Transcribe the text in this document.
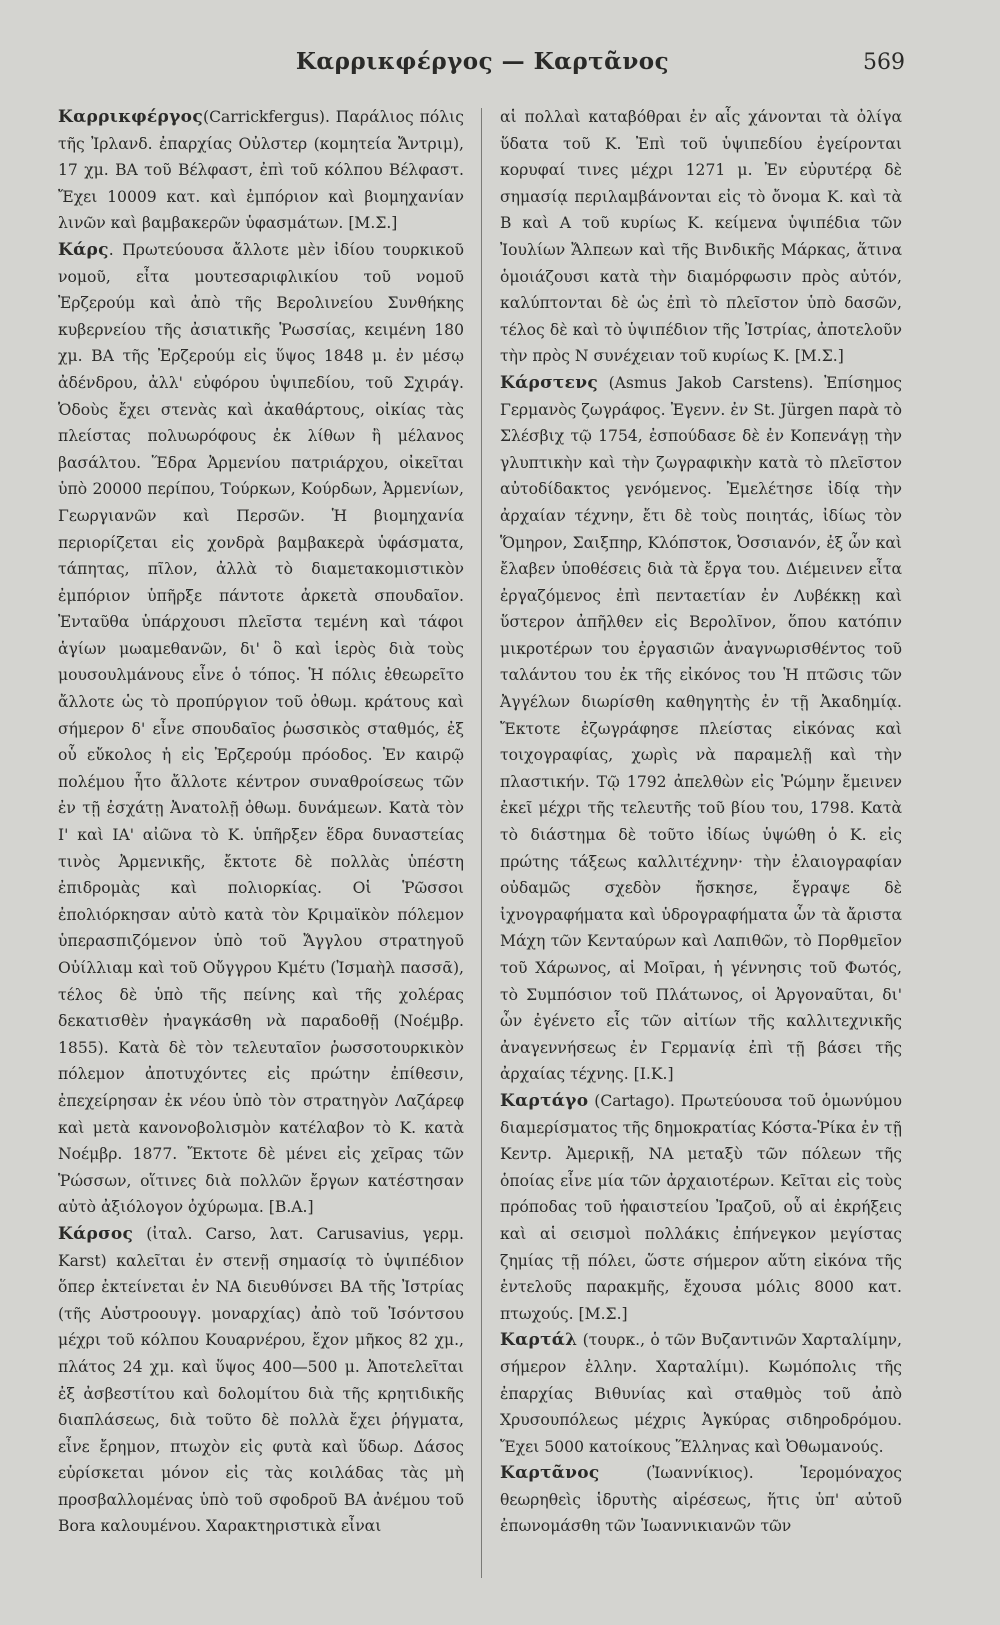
Καρρικφέργος — Καρτᾶνος	569

Καρρικφέργος(Carrickfergus). Παράλιος πόλις τῆς Ἰρλανδ. ἐπαρχίας Οὐλστερ (κομητεία Ἄντριμ), 17 χμ. ΒΑ τοῦ Βέλφαστ, ἐπὶ τοῦ κόλπου Βέλφαστ. Ἔχει 10009 κατ. καὶ ἐμπόριον καὶ βιομηχανίαν λινῶν καὶ βαμβακερῶν ὑφασμάτων. [Μ.Σ.]

Κάρς. Πρωτεύουσα ἄλλοτε μὲν ἰδίου τουρκικοῦ νομοῦ, εἶτα μουτεσαριφλικίου τοῦ νομοῦ Ἐρζερούμ καὶ ἀπὸ τῆς Βερολινείου Συνθήκης κυβερνείου τῆς ἀσιατικῆς Ῥωσσίας, κειμένη 180 χμ. ΒΑ τῆς Ἐρζερούμ εἰς ὕψος 1848 μ. ἐν μέσῳ ἀδένδρου, ἀλλ' εὐφόρου ὑψιπεδίου, τοῦ Σχιράγ. Ὁδοὺς ἔχει στενὰς καὶ ἀκαθάρτους, οἰκίας τὰς πλείστας πολυωρόφους ἐκ λίθων ἢ μέλανος βασάλτου. Ἕδρα Ἀρμενίου πατριάρχου, οἰκεῖται ὑπὸ 20000 περίπου, Τούρκων, Κούρδων, Ἀρμενίων, Γεωργιανῶν καὶ Περσῶν. Ἡ βιομηχανία περιορίζεται εἰς χονδρὰ βαμβακερὰ ὑφάσματα, τάπητας, πῖλον, ἀλλὰ τὸ διαμετακομιστικὸν ἐμπόριον ὑπῆρξε πάντοτε ἀρκετὰ σπουδαῖον. Ἐνταῦθα ὑπάρχουσι πλεῖστα τεμένη καὶ τάφοι ἁγίων μωαμεθανῶν, δι' ὃ καὶ ἱερὸς διὰ τοὺς μουσουλμάνους εἶνε ὁ τόπος. Ἡ πόλις ἐθεωρεῖτο ἄλλοτε ὡς τὸ προπύργιον τοῦ ὀθωμ. κράτους καὶ σήμερον δ' εἶνε σπουδαῖος ῥωσσικὸς σταθμός, ἐξ οὗ εὔκολος ἡ εἰς Ἐρζερούμ πρόοδος. Ἐν καιρῷ πολέμου ἦτο ἄλλοτε κέντρον συναθροίσεως τῶν ἐν τῇ ἐσχάτῃ Ἀνατολῇ ὀθωμ. δυνάμεων. Κατὰ τὸν Ι' καὶ ΙΑ' αἰῶνα τὸ Κ. ὑπῆρξεν ἕδρα δυναστείας τινὸς Ἀρμενικῆς, ἔκτοτε δὲ πολλὰς ὑπέστη ἐπιδρομὰς καὶ πολιορκίας. Οἱ Ῥῶσσοι ἐπολιόρκησαν αὐτὸ κατὰ τὸν Κριμαϊκὸν πόλεμον ὑπερασπιζόμενον ὑπὸ τοῦ Ἄγγλου στρατηγοῦ Οὐίλλιαμ καὶ τοῦ Οὔγγρου Κμέτυ (Ἰσμαὴλ πασσᾶ), τέλος δὲ ὑπὸ τῆς πείνης καὶ τῆς χολέρας δεκατισθὲν ἠναγκάσθη νὰ παραδοθῇ (Νοέμβρ. 1855). Κατὰ δὲ τὸν τελευταῖον ῥωσσοτουρκικὸν πόλεμον ἀποτυχόντες εἰς πρώτην ἐπίθεσιν, ἐπεχείρησαν ἐκ νέου ὑπὸ τὸν στρατηγὸν Λαζάρεφ καὶ μετὰ κανονοβολισμὸν κατέλαβον τὸ Κ. κατὰ Νοέμβρ. 1877. Ἔκτοτε δὲ μένει εἰς χεῖρας τῶν Ῥώσσων, οἵτινες διὰ πολλῶν ἔργων κατέστησαν αὐτὸ ἀξιόλογον ὀχύρωμα. [Β.Α.]

Κάρσος (ἰταλ. Carso, λατ. Carusavius, γερμ. Karst) καλεῖται ἐν στενῇ σημασίᾳ τὸ ὑψιπέδιον ὅπερ ἐκτείνεται ἐν ΝΑ διευθύνσει ΒΑ τῆς Ἰστρίας (τῆς Αὐστροουγγ. μοναρχίας) ἀπὸ τοῦ Ἰσόντσου μέχρι τοῦ κόλπου Κουαρνέρου, ἔχον μῆκος 82 χμ., πλάτος 24 χμ. καὶ ὕψος 400—500 μ. Ἀποτελεῖται ἐξ ἀσβεστίτου καὶ δολομίτου διὰ τῆς κρητιδικῆς διαπλάσεως, διὰ τοῦτο δὲ πολλὰ ἔχει ῥήγματα, εἶνε ἔρημον, πτωχὸν εἰς φυτὰ καὶ ὕδωρ. Δάσος εὑρίσκεται μόνον εἰς τὰς κοιλάδας τὰς μὴ προσβαλλομένας ὑπὸ τοῦ σφοδροῦ ΒΑ ἀνέμου τοῦ Bora καλουμένου. Χαρακτηριστικὰ εἶναι

αἱ πολλαὶ καταβόθραι ἐν αἷς χάνονται τὰ ὀλίγα ὕδατα τοῦ Κ. Ἐπὶ τοῦ ὑψιπεδίου ἐγείρονται κορυφαί τινες μέχρι 1271 μ. Ἐν εὐρυτέρᾳ δὲ σημασίᾳ περιλαμβάνονται εἰς τὸ ὄνομα Κ. καὶ τὰ Β καὶ Α τοῦ κυρίως Κ. κείμενα ὑψιπέδια τῶν Ἰουλίων Ἄλπεων καὶ τῆς Βινδικῆς Μάρκας, ἅτινα ὁμοιάζουσι κατὰ τὴν διαμόρφωσιν πρὸς αὐτόν, καλύπτονται δὲ ὡς ἐπὶ τὸ πλεῖστον ὑπὸ δασῶν, τέλος δὲ καὶ τὸ ὑψιπέδιον τῆς Ἰστρίας, ἀποτελοῦν τὴν πρὸς Ν συνέχειαν τοῦ κυρίως Κ. [Μ.Σ.]

Κάρστενς (Asmus Jakob Carstens). Ἐπίσημος Γερμανὸς ζωγράφος. Ἐγενν. ἐν St. Jürgen παρὰ τὸ Σλέσβιχ τῷ 1754, ἐσπούδασε δὲ ἐν Κοπενάγῃ τὴν γλυπτικὴν καὶ τὴν ζωγραφικὴν κατὰ τὸ πλεῖστον αὐτοδίδακτος γενόμενος. Ἐμελέτησε ἰδίᾳ τὴν ἀρχαίαν τέχνην, ἔτι δὲ τοὺς ποιητάς, ἰδίως τὸν Ὅμηρον, Σαιξπηρ, Κλόπστοκ, Ὀσσιανόν, ἐξ ὧν καὶ ἔλαβεν ὑποθέσεις διὰ τὰ ἔργα του. Διέμεινεν εἶτα ἐργαζόμενος ἐπὶ πενταετίαν ἐν Λυβέκκῃ καὶ ὕστερον ἀπῆλθεν εἰς Βερολῖνον, ὅπου κατόπιν μικροτέρων του ἐργασιῶν ἀναγνωρισθέντος τοῦ ταλάντου του ἐκ τῆς εἰκόνος του Ἡ πτῶσις τῶν Ἀγγέλων διωρίσθη καθηγητὴς ἐν τῇ Ἀκαδημίᾳ. Ἔκτοτε ἐζωγράφησε πλείστας εἰκόνας καὶ τοιχογραφίας, χωρὶς νὰ παραμελῇ καὶ τὴν πλαστικήν. Τῷ 1792 ἀπελθὼν εἰς Ῥώμην ἔμεινεν ἐκεῖ μέχρι τῆς τελευτῆς τοῦ βίου του, 1798. Κατὰ τὸ διάστημα δὲ τοῦτο ἰδίως ὑψώθη ὁ Κ. εἰς πρώτης τάξεως καλλιτέχνην· τὴν ἐλαιογραφίαν οὐδαμῶς σχεδὸν ἤσκησε, ἔγραψε δὲ ἰχνογραφήματα καὶ ὑδρογραφήματα ὧν τὰ ἄριστα Μάχη τῶν Κενταύρων καὶ Λαπιθῶν, τὸ Πορθμεῖον τοῦ Χάρωνος, αἱ Μοῖραι, ἡ γέννησις τοῦ Φωτός, τὸ Συμπόσιον τοῦ Πλάτωνος, οἱ Ἀργοναῦται, δι' ὧν ἐγένετο εἷς τῶν αἰτίων τῆς καλλιτεχνικῆς ἀναγεννήσεως ἐν Γερμανίᾳ ἐπὶ τῇ βάσει τῆς ἀρχαίας τέχνης. [Ι.Κ.]

Καρτάγο (Cartago). Πρωτεύουσα τοῦ ὁμωνύμου διαμερίσματος τῆς δημοκρατίας Κόστα-Ῥίκα ἐν τῇ Κεντρ. Ἀμερικῇ, ΝΑ μεταξὺ τῶν πόλεων τῆς ὁποίας εἶνε μία τῶν ἀρχαιοτέρων. Κεῖται εἰς τοὺς πρόποδας τοῦ ἡφαιστείου Ἰραζοῦ, οὗ αἱ ἐκρήξεις καὶ αἱ σεισμοὶ πολλάκις ἐπήνεγκον μεγίστας ζημίας τῇ πόλει, ὥστε σήμερον αὕτη εἰκόνα τῆς ἐντελοῦς παρακμῆς, ἔχουσα μόλις 8000 κατ. πτωχούς. [Μ.Σ.]

Καρτάλ (τουρκ., ὁ τῶν Βυζαντινῶν Χαρταλίμην, σήμερον ἑλλην. Χαρταλίμι). Κωμόπολις τῆς ἐπαρχίας Βιθυνίας καὶ σταθμὸς τοῦ ἀπὸ Χρυσουπόλεως μέχρις Ἀγκύρας σιδηροδρόμου. Ἔχει 5000 κατοίκους Ἕλληνας καὶ Ὀθωμανούς.

Καρτᾶνος (Ἰωαννίκιος). Ἱερομόναχος θεωρηθεὶς ἱδρυτὴς αἱρέσεως, ἥτις ὑπ' αὐτοῦ ἐπωνομάσθη τῶν Ἰωαννικιανῶν τῶν
